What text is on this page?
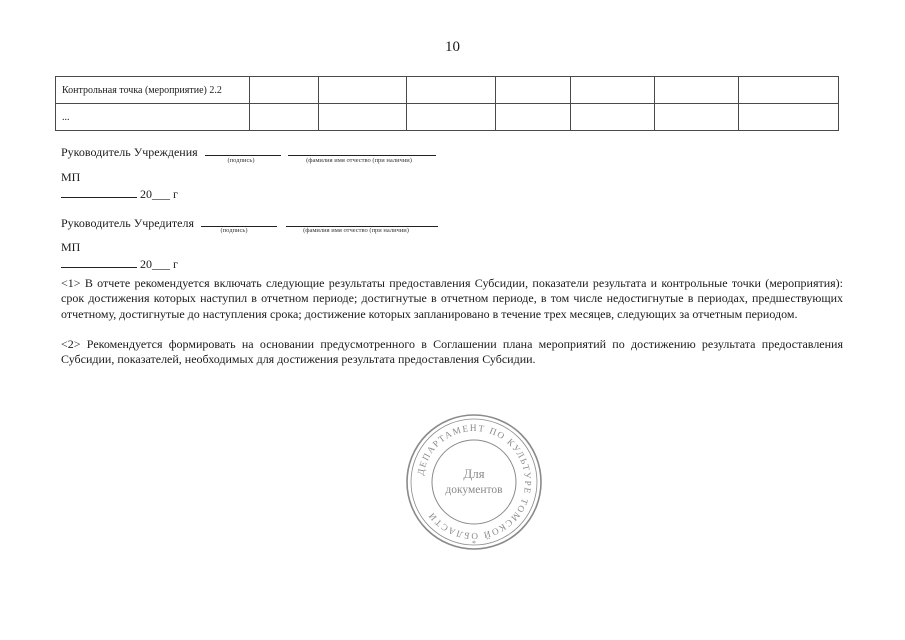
10
Контрольная точка (мероприятие) 2.2							
...							
Руководитель Учреждения
(подпись)	(фамилия имя отчество (при наличии)
МП
20___ г
Руководитель Учредителя
(подпись)	(фамилия имя отчество (при наличии)
МП
20___ г
<1> В отчете рекомендуется включать следующие результаты предоставления Субсидии, показатели результата и контрольные точки (мероприятия): срок достижения которых наступил в отчетном периоде; достигнутые в отчетном периоде, в том числе недостигнутые в периодах, предшествующих отчетному, достигнутые до наступления срока; достижение которых запланировано в течение трех месяцев, следующих за отчетным периодом.
<2> Рекомендуется формировать на основании предусмотренного в Соглашении плана мероприятий по достижению результата предоставления Субсидии, показателей, необходимых для достижения результата предоставления Субсидии.
ДЕПАРТАМЕНТ ПО КУЛЬТУРЕ ТОМСКОЙ ОБЛАСТИ
*
Для
документов
